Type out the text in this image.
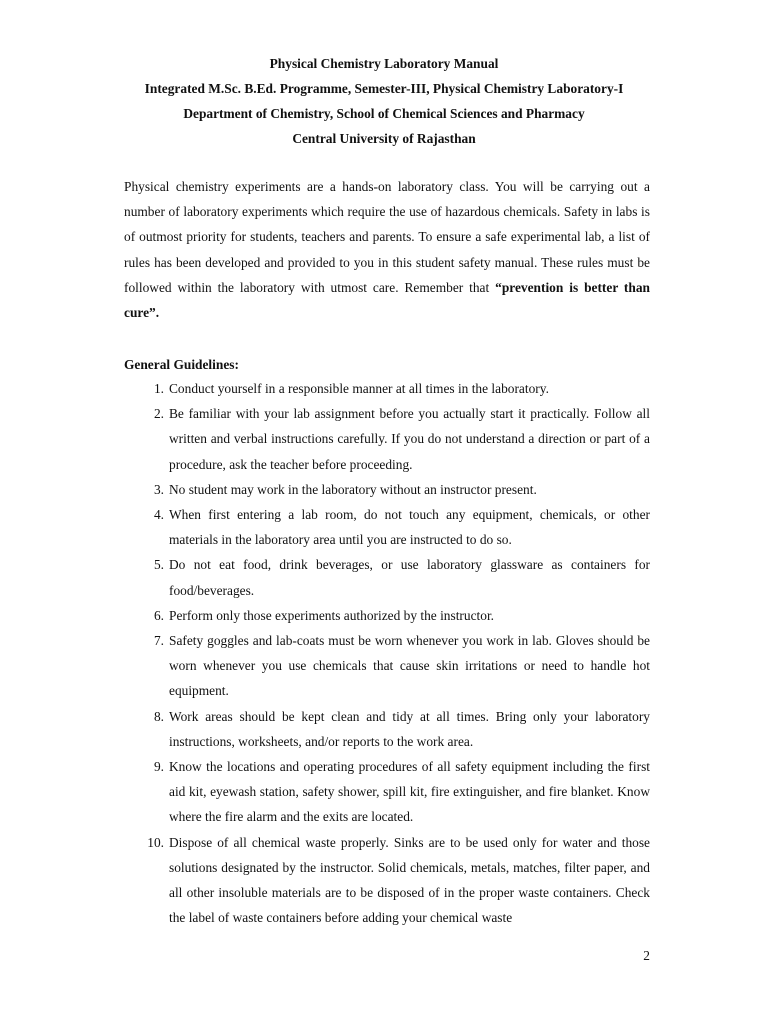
Physical Chemistry Laboratory Manual
Integrated M.Sc. B.Ed. Programme, Semester-III, Physical Chemistry Laboratory-I
Department of Chemistry, School of Chemical Sciences and Pharmacy
Central University of Rajasthan

Physical chemistry experiments are a hands-on laboratory class. You will be carrying out a number of laboratory experiments which require the use of hazardous chemicals. Safety in labs is of outmost priority for students, teachers and parents. To ensure a safe experimental lab, a list of rules has been developed and provided to you in this student safety manual. These rules must be followed within the laboratory with utmost care. Remember that “prevention is better than cure”.

General Guidelines:
1. Conduct yourself in a responsible manner at all times in the laboratory.
2. Be familiar with your lab assignment before you actually start it practically. Follow all written and verbal instructions carefully. If you do not understand a direction or part of a procedure, ask the teacher before proceeding.
3. No student may work in the laboratory without an instructor present.
4. When first entering a lab room, do not touch any equipment, chemicals, or other materials in the laboratory area until you are instructed to do so.
5. Do not eat food, drink beverages, or use laboratory glassware as containers for food/beverages.
6. Perform only those experiments authorized by the instructor.
7. Safety goggles and lab-coats must be worn whenever you work in lab. Gloves should be worn whenever you use chemicals that cause skin irritations or need to handle hot equipment.
8. Work areas should be kept clean and tidy at all times. Bring only your laboratory instructions, worksheets, and/or reports to the work area.
9. Know the locations and operating procedures of all safety equipment including the first aid kit, eyewash station, safety shower, spill kit, fire extinguisher, and fire blanket. Know where the fire alarm and the exits are located.
10. Dispose of all chemical waste properly. Sinks are to be used only for water and those solutions designated by the instructor. Solid chemicals, metals, matches, filter paper, and all other insoluble materials are to be disposed of in the proper waste containers. Check the label of waste containers before adding your chemical waste
2
